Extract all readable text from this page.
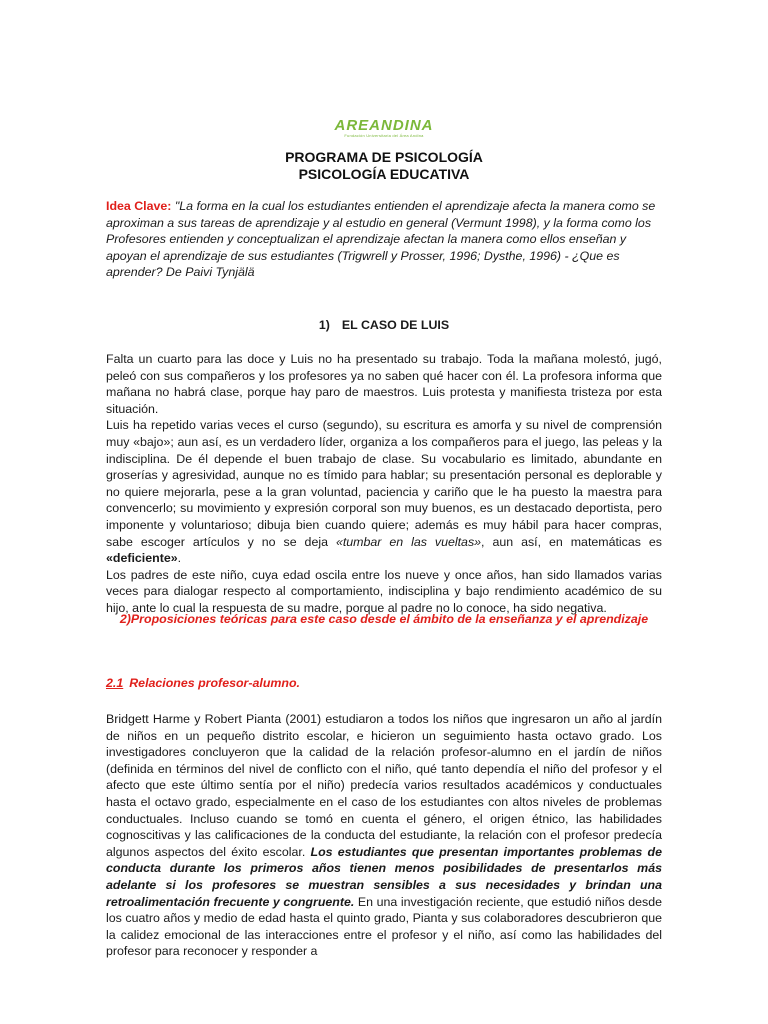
AREANDINA
Fundación Universitaria del Área Andina
PROGRAMA DE PSICOLOGÍA
PSICOLOGÍA EDUCATIVA
Idea Clave: "La forma en la cual los estudiantes entienden el aprendizaje afecta la manera como se aproximan a sus tareas de aprendizaje y al estudio en general (Vermunt 1998), y la forma como los Profesores entienden y conceptualizan el aprendizaje afectan la manera como ellos enseñan y apoyan el aprendizaje de sus estudiantes (Trigwrell y Prosser, 1996; Dysthe, 1996) - ¿Que es aprender? De Paivi Tynjälä
1) EL CASO DE LUIS
Falta un cuarto para las doce y Luis no ha presentado su trabajo. Toda la mañana molestó, jugó, peleó con sus compañeros y los profesores ya no saben qué hacer con él. La profesora informa que mañana no habrá clase, porque hay paro de maestros. Luis protesta y manifiesta tristeza por esta situación.
Luis ha repetido varias veces el curso (segundo), su escritura es amorfa y su nivel de comprensión muy «bajo»; aun así, es un verdadero líder, organiza a los compañeros para el juego, las peleas y la indisciplina. De él depende el buen trabajo de clase. Su vocabulario es limitado, abundante en groserías y agresividad, aunque no es tímido para hablar; su presentación personal es deplorable y no quiere mejorarla, pese a la gran voluntad, paciencia y cariño que le ha puesto la maestra para convencerlo; su movimiento y expresión corporal son muy buenos, es un destacado deportista, pero imponente y voluntarioso; dibuja bien cuando quiere; además es muy hábil para hacer compras, sabe escoger artículos y no se deja «tumbar en las vueltas», aun así, en matemáticas es «deficiente».
Los padres de este niño, cuya edad oscila entre los nueve y once años, han sido llamados varias veces para dialogar respecto al comportamiento, indisciplina y bajo rendimiento académico de su hijo, ante lo cual la respuesta de su madre, porque al padre no lo conoce, ha sido negativa.
2)Proposiciones teóricas para este caso desde el ámbito de la enseñanza y el aprendizaje
2.1 Relaciones profesor-alumno.
Bridgett Harme y Robert Pianta (2001) estudiaron a todos los niños que ingresaron un año al jardín de niños en un pequeño distrito escolar, e hicieron un seguimiento hasta octavo grado. Los investigadores concluyeron que la calidad de la relación profesor-alumno en el jardín de niños (definida en términos del nivel de conflicto con el niño, qué tanto dependía el niño del profesor y el afecto que este último sentía por el niño) predecía varios resultados académicos y conductuales hasta el octavo grado, especialmente en el caso de los estudiantes con altos niveles de problemas conductuales. Incluso cuando se tomó en cuenta el género, el origen étnico, las habilidades cognoscitivas y las calificaciones de la conducta del estudiante, la relación con el profesor predecía algunos aspectos del éxito escolar. Los estudiantes que presentan importantes problemas de conducta durante los primeros años tienen menos posibilidades de presentarlos más adelante si los profesores se muestran sensibles a sus necesidades y brindan una retroalimentación frecuente y congruente. En una investigación reciente, que estudió niños desde los cuatro años y medio de edad hasta el quinto grado, Pianta y sus colaboradores descubrieron que la calidez emocional de las interacciones entre el profesor y el niño, así como las habilidades del profesor para reconocer y responder a
